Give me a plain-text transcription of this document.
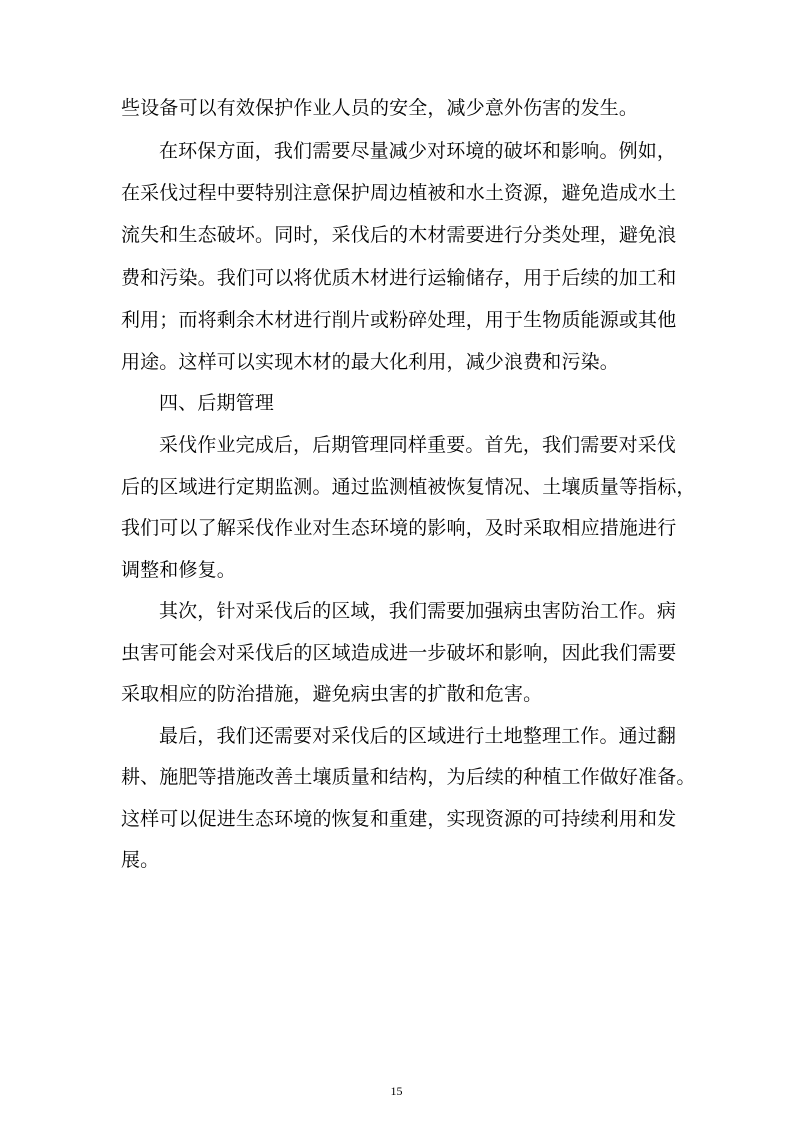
些设备可以有效保护作业人员的安全，减少意外伤害的发生。
在环保方面，我们需要尽量减少对环境的破坏和影响。例如，
在采伐过程中要特别注意保护周边植被和水土资源，避免造成水土
流失和生态破坏。同时，采伐后的木材需要进行分类处理，避免浪
费和污染。我们可以将优质木材进行运输储存，用于后续的加工和
利用；而将剩余木材进行削片或粉碎处理，用于生物质能源或其他
用途。这样可以实现木材的最大化利用，减少浪费和污染。
四、后期管理
采伐作业完成后，后期管理同样重要。首先，我们需要对采伐
后的区域进行定期监测。通过监测植被恢复情况、土壤质量等指标，
我们可以了解采伐作业对生态环境的影响，及时采取相应措施进行
调整和修复。
其次，针对采伐后的区域，我们需要加强病虫害防治工作。病
虫害可能会对采伐后的区域造成进一步破坏和影响，因此我们需要
采取相应的防治措施，避免病虫害的扩散和危害。
最后，我们还需要对采伐后的区域进行土地整理工作。通过翻
耕、施肥等措施改善土壤质量和结构，为后续的种植工作做好准备。
这样可以促进生态环境的恢复和重建，实现资源的可持续利用和发
展。
15
